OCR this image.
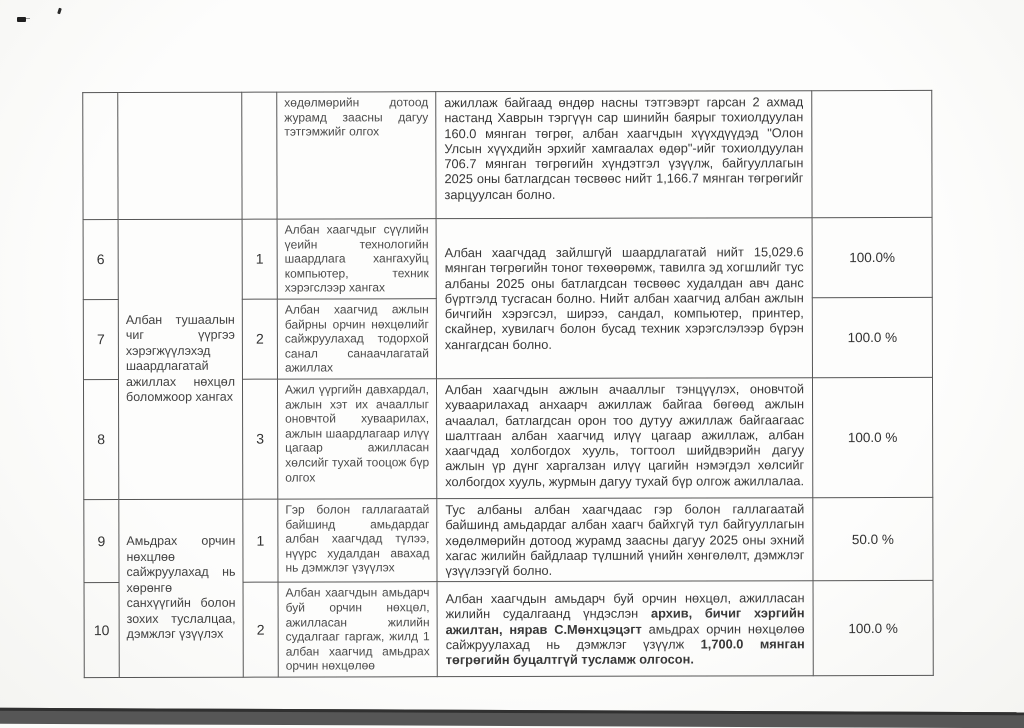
			хөдөлмөрийн дотоод журамд заасны дагуу тэтгэмжийг олгох	ажиллаж байгаад өндөр насны тэтгэвэрт гарсан 2 ахмад настанд Хаврын тэргүүн сар шинийн баярыг тохиолдуулан 160.0 мянган төгрөг, албан хаагчдын хүүхдүүдэд "Олон Улсын хүүхдийн эрхийг хамгаалах өдөр"-ийг тохиолдуулан 706.7 мянган төгрөгийн хүндэтгэл үзүүлж, байгууллагын 2025 оны батлагдсан төсвөөс нийт 1,166.7 мянган төгрөгийг зарцуулсан болно.	
6	Албан тушаалын чиг үүргээ хэрэгжүүлэхэд шаардлагатай ажиллах нөхцөл боломжоор хангах	1	Албан хаагчдыг сүүлийн үеийн технологийн шаардлага хангахуйц компьютер, техник хэрэгслээр хангах	Албан хаагчдад зайлшгүй шаардлагатай нийт 15,029.6 мянган төгрөгийн тоног төхөөрөмж, тавилга эд хогшлийг тус албаны 2025 оны батлагдсан төсвөөс худалдан авч данс бүртгэлд тусгасан болно. Нийт албан хаагчид албан ажлын бичгийн хэрэгсэл, ширээ, сандал, компьютер, принтер, скайнер, хувилагч болон бусад техник хэрэгслэлээр бүрэн хангагдсан болно.	100.0%
7		2	Албан хаагчид ажлын байрны орчин нөхцөлийг сайжруулахад тодорхой санал санаачлагатай ажиллах		100.0 %
8		3	Ажил үүргийн давхардал, ажлын хэт их ачааллыг оновчтой хуваарилах, ажлын шаардлагаар илүү цагаар ажилласан хөлсийг тухай тооцож бүр олгох	Албан хаагчдын ажлын ачааллыг тэнцүүлэх, оновчтой хуваарилахад анхаарч ажиллаж байгаа бөгөөд ажлын ачаалал, батлагдсан орон тоо дутуу ажиллаж байгаагаас шалтгаан албан хаагчид илүү цагаар ажиллаж, албан хаагчдад холбогдох хууль, тогтоол шийдвэрийн дагуу ажлын үр дүнг харгалзан илүү цагийн нэмэгдэл хөлсийг холбогдох хууль, журмын дагуу тухай бүр олгож ажиллалаа.	100.0 %
9	Амьдрах орчин нөхцлөө сайжруулахад нь хөрөнгө санхүүгийн болон зохих туслалцаа, дэмжлэг үзүүлэх	1	Гэр болон галлагаатай байшинд амьдардаг албан хаагчдад түлээ, нүүрс худалдан авахад нь дэмжлэг үзүүлэх	Тус албаны албан хаагчдаас гэр болон галлагаатай байшинд амьдардаг албан хаагч байхгүй тул байгууллагын хөдөлмөрийн дотоод журамд заасны дагуу 2025 оны эхний хагас жилийн байдлаар түлшний үнийн хөнгөлөлт, дэмжлэг үзүүлээгүй болно.	50.0 %
10		2	Албан хаагчдын амьдарч буй орчин нөхцөл, ажилласан жилийн судалгааг гаргаж, жилд 1 албан хаагчид амьдрах орчин нөхцөлөө	Албан хаагчдын амьдарч буй орчин нөхцөл, ажилласан жилийн судалгаанд үндэслэн архив, бичиг хэргийн ажилтан, нярав С.Мөнхцэцэгт амьдрах орчин нөхцөлөө сайжруулахад нь дэмжлэг үзүүлж 1,700.0 мянган төгрөгийн буцалтгүй тусламж олгосон.	100.0 %
